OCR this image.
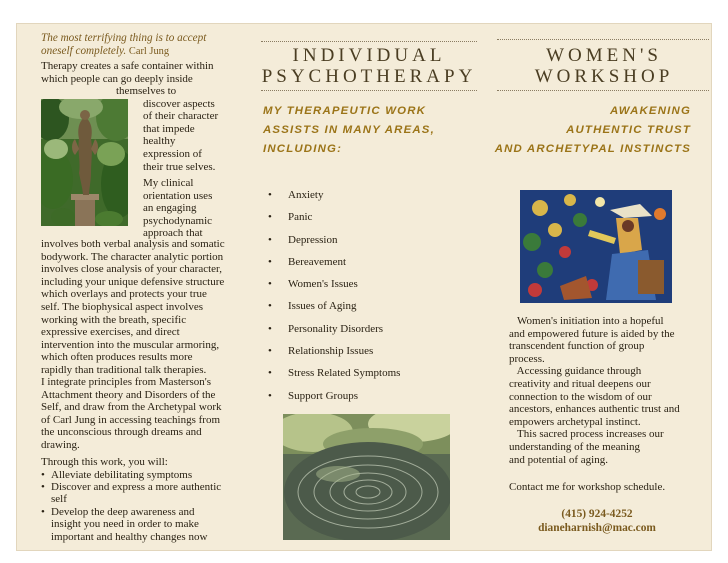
The most terrifying thing is to accept
oneself completely. Carl Jung
Therapy creates a safe container within
which people can go deeply inside
themselves to
discover aspects
of their character
that impede
healthy
expression of
their true selves.
My clinical
orientation uses
an engaging
psychodynamic
approach that
involves both verbal analysis and somatic
bodywork. The character analytic portion
involves close analysis of your character,
including your unique defensive structure
which overlays and protects your true
self. The biophysical aspect involves
working with the breath, specific
expressive exercises, and direct
intervention into the muscular armoring,
which often produces results more
rapidly than traditional talk therapies.
I integrate principles from Masterson's
Attachment theory and Disorders of the
Self, and draw from the Archetypal work
of Carl Jung in accessing teachings from
the unconscious through dreams and
drawing.
Through this work, you will:
• Alleviate debilitating symptoms
• Discover and express a more authentic
self
• Develop the deep awareness and
insight you need in order to make
important and healthy changes now
INDIVIDUAL
PSYCHOTHERAPY
MY THERAPEUTIC WORK
ASSISTS IN MANY AREAS,
INCLUDING:
• Anxiety
• Panic
• Depression
• Bereavement
• Women's Issues
• Issues of Aging
• Personality Disorders
• Relationship Issues
• Stress Related Symptoms
• Support Groups
WOMEN'S
WORKSHOP
AWAKENING
AUTHENTIC TRUST
AND ARCHETYPAL INSTINCTS
Women's initiation into a hopeful
and empowered future is aided by the
transcendent function of group
process.
Accessing guidance through
creativity and ritual deepens our
connection to the wisdom of our
ancestors, enhances authentic trust and
empowers archetypal instinct.
This sacred process increases our
understanding of the meaning
and potential of aging.
Contact me for workshop schedule.
(415) 924-4252
dianeharnish@mac.com
